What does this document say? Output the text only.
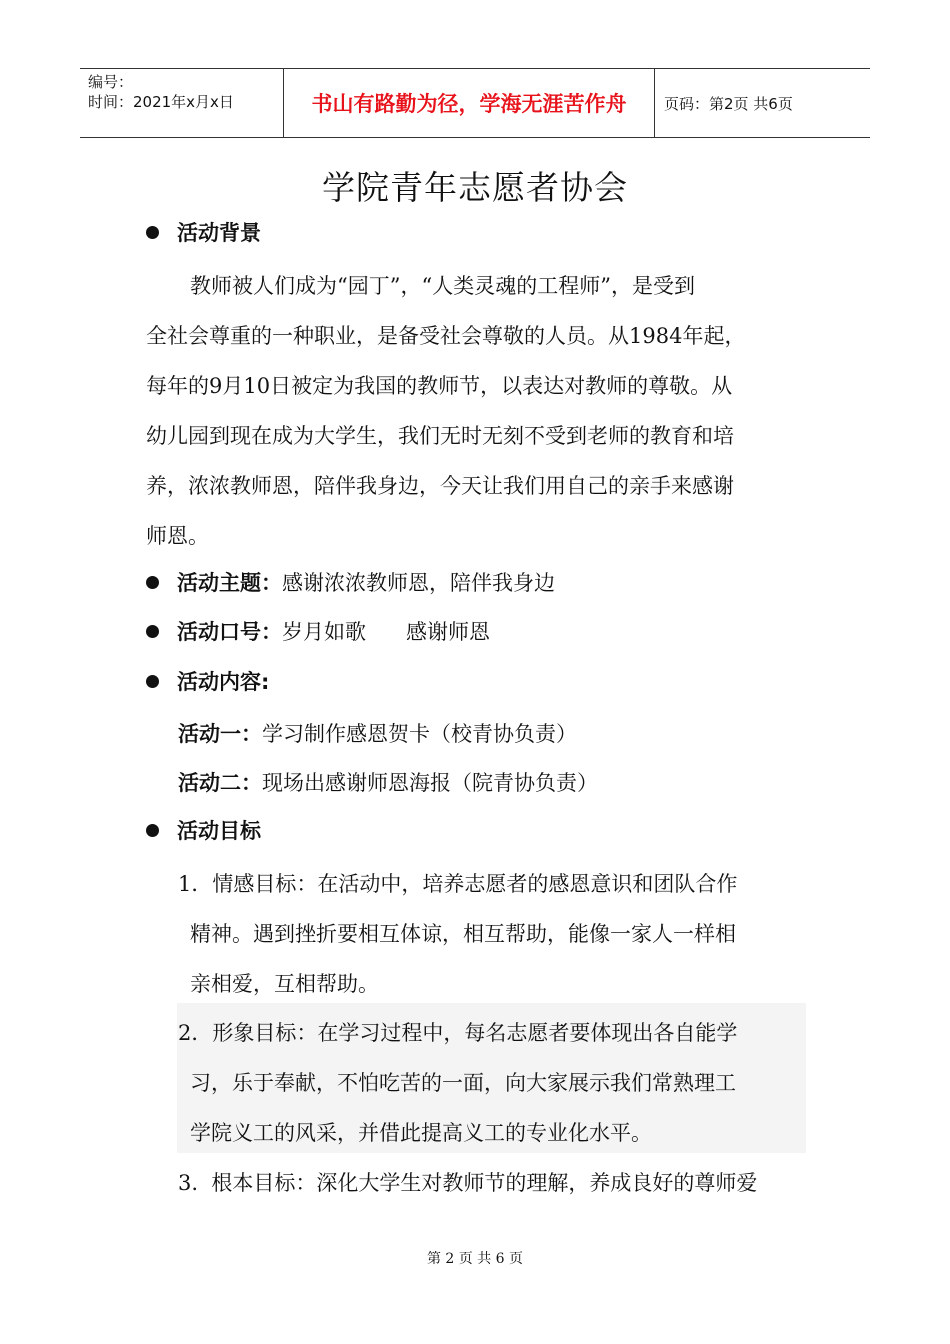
编号：
时间：2021年x月x日	书山有路勤为径，学海无涯苦作舟	页码：第2页 共6页
学院青年志愿者协会
活动背景
教师被人们成为“园丁”，“人类灵魂的工程师”，是受到
全社会尊重的一种职业，是备受社会尊敬的人员。从1984年起，
每年的9月10日被定为我国的教师节，以表达对教师的尊敬。从
幼儿园到现在成为大学生，我们无时无刻不受到老师的教育和培
养，浓浓教师恩，陪伴我身边，今天让我们用自己的亲手来感谢
师恩。
活动主题：感谢浓浓教师恩，陪伴我身边
活动口号：岁月如歌      感谢师恩
活动内容:
活动一：学习制作感恩贺卡（校青协负责）
活动二：现场出感谢师恩海报（院青协负责）
活动目标
1．情感目标：在活动中，培养志愿者的感恩意识和团队合作
精神。遇到挫折要相互体谅，相互帮助，能像一家人一样相
亲相爱，互相帮助。
2．形象目标：在学习过程中，每名志愿者要体现出各自能学
习，乐于奉献，不怕吃苦的一面，向大家展示我们常熟理工
学院义工的风采，并借此提高义工的专业化水平。
3.  根本目标：深化大学生对教师节的理解，养成良好的尊师爱
第 2 页 共 6 页
